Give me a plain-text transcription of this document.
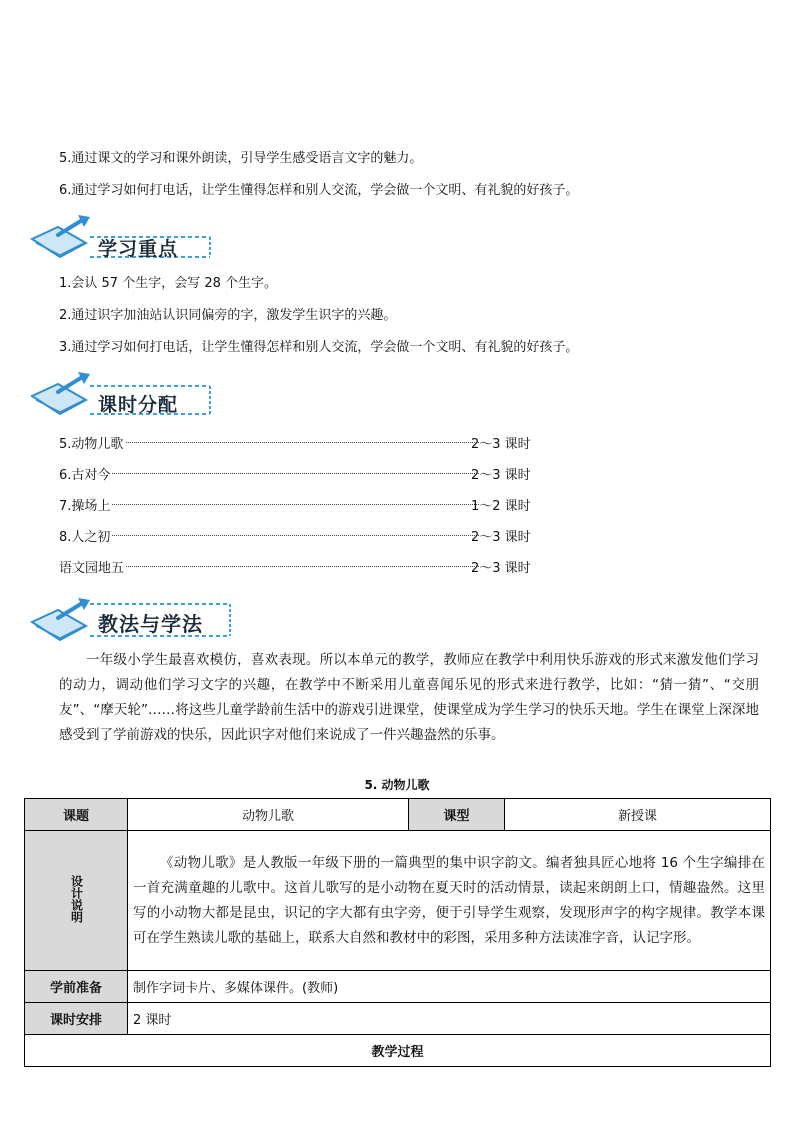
5.通过课文的学习和课外朗读，引导学生感受语言文字的魅力。
6.通过学习如何打电话，让学生懂得怎样和别人交流，学会做一个文明、有礼貌的好孩子。
学习重点
1.会认 57 个生字，会写 28 个生字。
2.通过识字加油站认识同偏旁的字，激发学生识字的兴趣。
3.通过学习如何打电话，让学生懂得怎样和别人交流，学会做一个文明、有礼貌的好孩子。
课时分配
5.动物儿歌	2～3 课时
6.古对今	2～3 课时
7.操场上	1～2 课时
8.人之初	2～3 课时
语文园地五	2～3 课时
教法与学法
一年级小学生最喜欢模仿，喜欢表现。所以本单元的教学，教师应在教学中利用快乐游戏的形式来激发他们学习的动力，调动他们学习文字的兴趣，在教学中不断采用儿童喜闻乐见的形式来进行教学，比如：“猜一猜”、“交朋友”、“摩天轮”……将这些儿童学龄前生活中的游戏引进课堂，使课堂成为学生学习的快乐天地。学生在课堂上深深地感受到了学前游戏的快乐，因此识字对他们来说成了一件兴趣盎然的乐事。
5. 动物儿歌
课题	动物儿歌	课型	新授课
设计说明	《动物儿歌》是人教版一年级下册的一篇典型的集中识字韵文。编者独具匠心地将 16 个生字编排在一首充满童趣的儿歌中。这首儿歌写的是小动物在夏天时的活动情景，读起来朗朗上口，情趣盎然。这里写的小动物大都是昆虫，识记的字大都有虫字旁，便于引导学生观察，发现形声字的构字规律。教学本课可在学生熟读儿歌的基础上，联系大自然和教材中的彩图，采用多种方法读准字音，认记字形。		
学前准备	制作字词卡片、多媒体课件。(教师)		
课时安排	2 课时		
教学过程			
